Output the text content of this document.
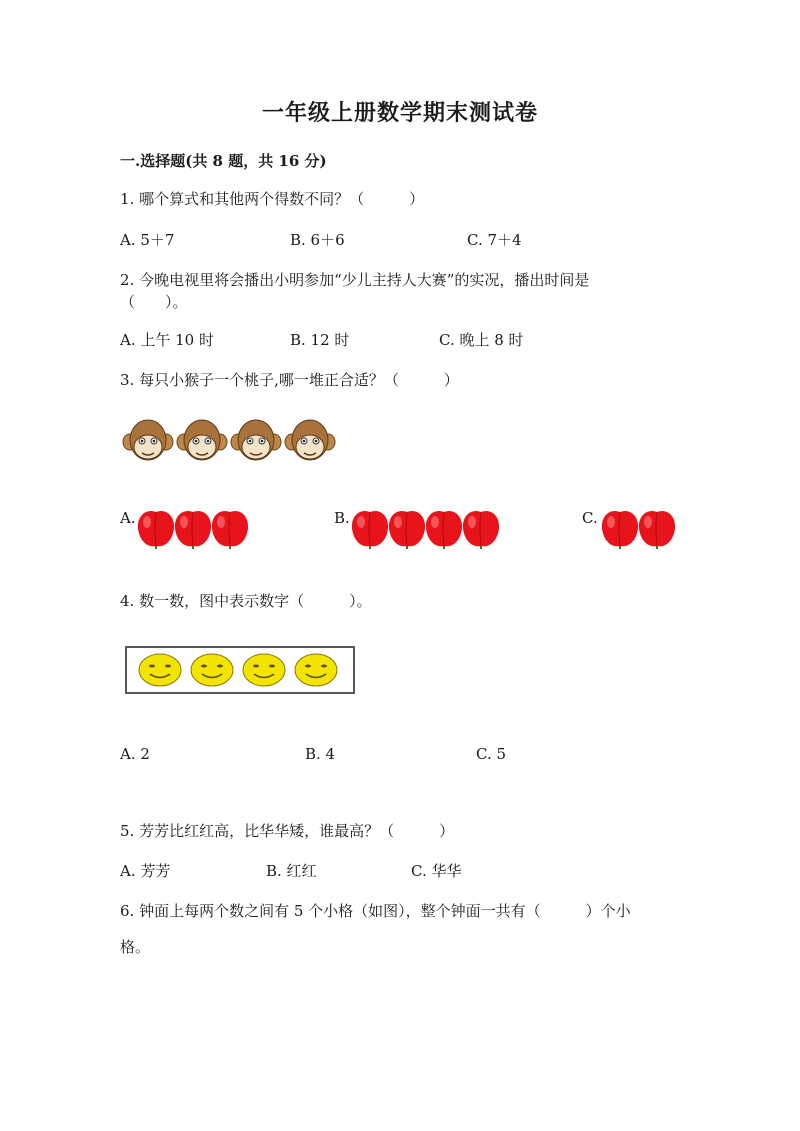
一年级上册数学期末测试卷
一.选择题(共 8 题，共 16 分)
1. 哪个算式和其他两个得数不同？（　　　）
A. 5＋7	B. 6＋6	C. 7＋4
2. 今晚电视里将会播出小明参加“少儿主持人大赛”的实况，播出时间是
（　　）。
A. 上午 10 时	B. 12 时	C. 晚上 8 时
3. 每只小猴子一个桃子,哪一堆正合适？（　　　）
A.	B.	C.
4. 数一数，图中表示数字（　　　）。
A. 2	B. 4	C. 5
5. 芳芳比红红高，比华华矮，谁最高？（　　　）
A. 芳芳	B. 红红	C. 华华
6. 钟面上每两个数之间有 5 个小格（如图），整个钟面一共有（　　　）个小
格。
